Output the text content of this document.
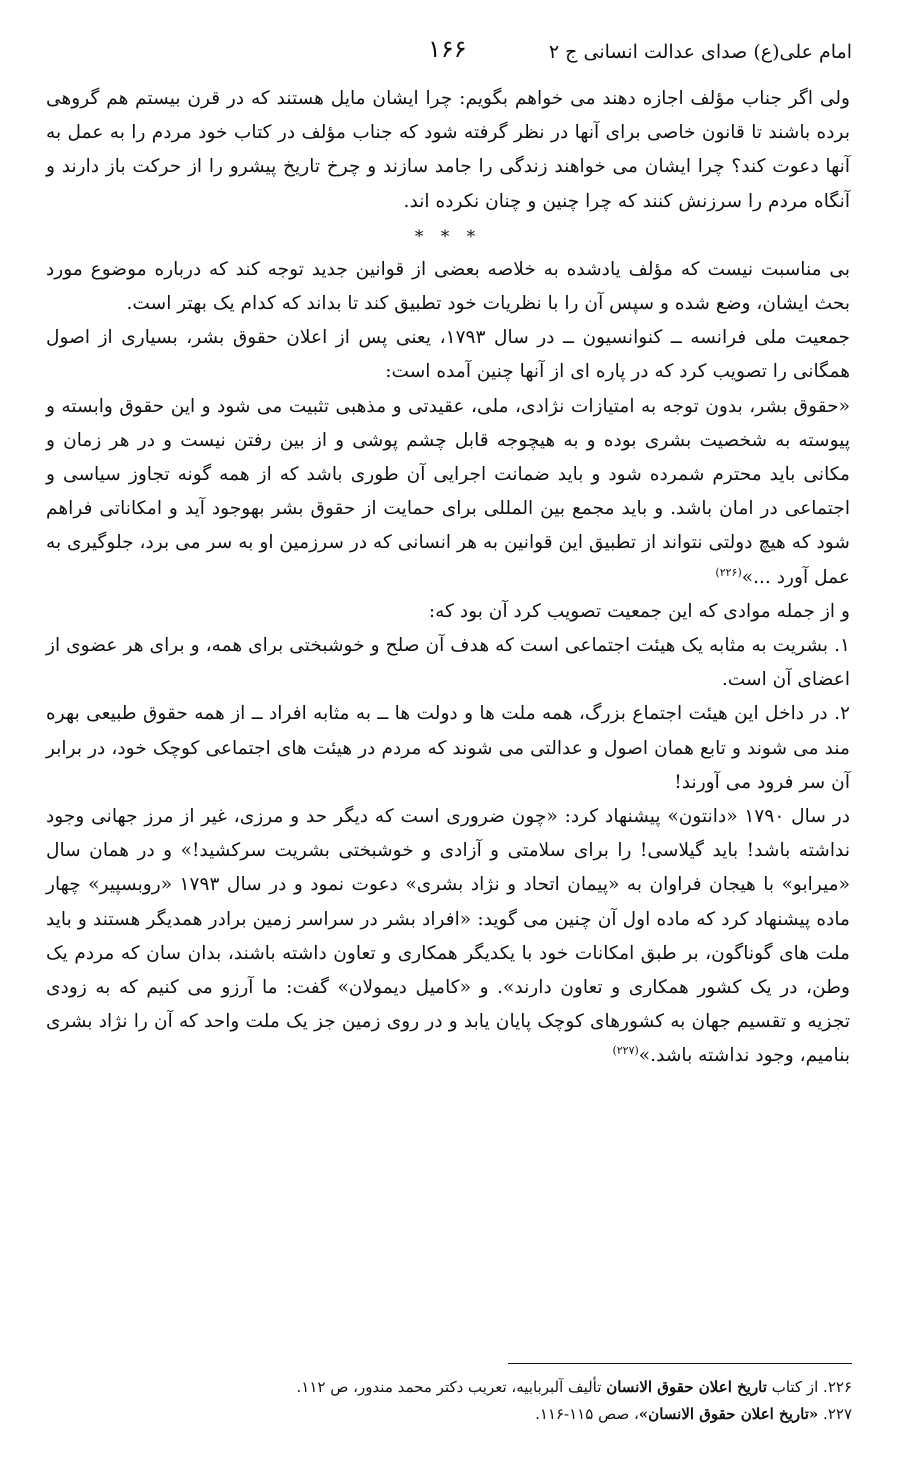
امام علی(ع) صدای عدالت انسانی ج ۲
۱۶۶

ولی اگر جناب مؤلف اجازه دهند می خواهم بگویم: چرا ایشان مایل هستند که در قرن بیستم هم گروهی برده باشند تا قانون خاصی برای آنها در نظر گرفته شود که جناب مؤلف در کتاب خود مردم را به عمل به آنها دعوت کند؟ چرا ایشان می خواهند زندگی را جامد سازند و چرخ تاریخ پیشرو را از حرکت باز دارند و آنگاه مردم را سرزنش کنند که چرا چنین و چنان نکرده اند.

* * *

بی مناسبت نیست که مؤلف یادشده به خلاصه بعضی از قوانین جدید توجه کند که درباره موضوع مورد بحث ایشان، وضع شده و سپس آن را با نظریات خود تطبیق کند تا بداند که کدام یک بهتر است.

جمعیت ملی فرانسه ــ کنوانسیون ــ در سال ۱۷۹۳، یعنی پس از اعلان حقوق بشر، بسیاری از اصول همگانی را تصویب کرد که در پاره ای از آنها چنین آمده است:

«حقوق بشر، بدون توجه به امتیازات نژادی، ملی، عقیدتی و مذهبی تثبیت می شود و این حقوق وابسته و پیوسته به شخصیت بشری بوده و به هیچوجه قابل چشم پوشی و از بین رفتن نیست و در هر زمان و مکانی باید محترم شمرده شود و باید ضمانت اجرایی آن طوری باشد که از همه گونه تجاوز سیاسی و اجتماعی در امان باشد. و باید مجمع بین المللی برای حمایت از حقوق بشر بهوجود آید و امکاناتی فراهم شود که هیچ دولتی نتواند از تطبیق این قوانین به هر انسانی که در سرزمین او به سر می برد، جلوگیری به عمل آورد ...»$^{(۲۲۶)}$

و از جمله موادی که این جمعیت تصویب کرد آن بود که:

۱. بشریت به مثابه یک هیئت اجتماعی است که هدف آن صلح و خوشبختی برای همه، و برای هر عضوی از اعضای آن است.

۲. در داخل این هیئت اجتماع بزرگ، همه ملت ها و دولت ها ــ به مثابه افراد ــ از همه حقوق طبیعی بهره مند می شوند و تابع همان اصول و عدالتی می شوند که مردم در هیئت های اجتماعی کوچک خود، در برابر آن سر فرود می آورند!

در سال ۱۷۹۰ «دانتون» پیشنهاد کرد: «چون ضروری است که دیگر حد و مرزی، غیر از مرز جهانی وجود نداشته باشد! باید گیلاسی! را برای سلامتی و آزادی و خوشبختی بشریت سرکشید!» و در همان سال «میرابو» با هیجان فراوان به «پیمان اتحاد و نژاد بشری» دعوت نمود و در سال ۱۷۹۳ «روبسپیر» چهار ماده پیشنهاد کرد که ماده اول آن چنین می گوید: «افراد بشر در سراسر زمین برادر همدیگر هستند و باید ملت های گوناگون، بر طبق امکانات خود با یکدیگر همکاری و تعاون داشته باشند، بدان سان که مردم یک وطن، در یک کشور همکاری و تعاون دارند». و «کامیل دیمولان» گفت: ما آرزو می کنیم که به زودی تجزیه و تقسیم جهان به کشورهای کوچک پایان یابد و در روی زمین جز یک ملت واحد که آن را نژاد بشری بنامیم، وجود نداشته باشد.»$^{(۲۲۷)}$

۲۲۶. از کتاب تاریخ اعلان حقوق الانسان تألیف آلبربابیه، تعریب دکتر محمد مندور، ص ۱۱۲.

۲۲۷. «تاریخ اعلان حقوق الانسان»، صص ۱۱۵-۱۱۶.
